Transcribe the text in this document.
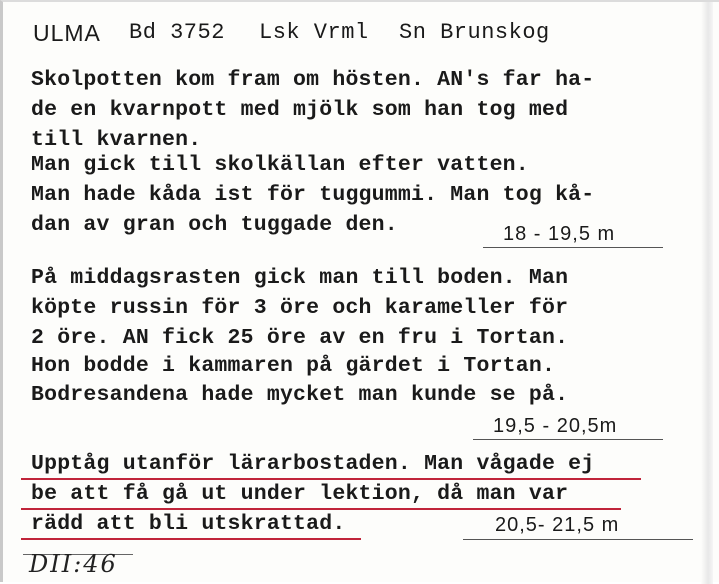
ULMA Bd 3752 Lsk Vrml Sn Brunskog
Skolpotten kom fram om hösten. AN's far ha-
de en kvarnpott med mjölk som han tog med
till kvarnen.
Man gick till skolkällan efter vatten.
Man hade kåda ist för tuggummi. Man tog kå-
dan av gran och tuggade den.	18 - 19,5 m
På middagsrasten gick man till boden. Man
köpte russin för 3 öre och karameller för
2 öre. AN fick 25 öre av en fru i Tortan.
Hon bodde i kammaren på gärdet i Tortan.
Bodresandena hade mycket man kunde se på.
19,5 - 20,5m
Upptåg utanför lärarbostaden. Man vågade ej
be att få gå ut under lektion, då man var
rädd att bli utskrattad.	20,5- 21,5 m
DII:46
